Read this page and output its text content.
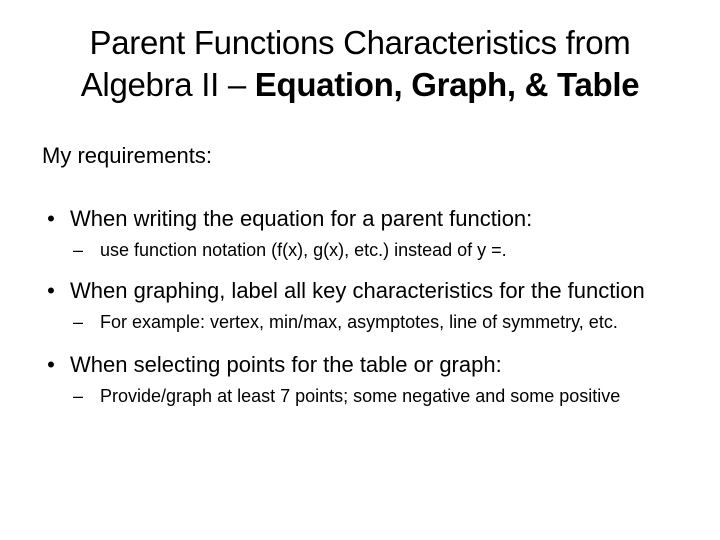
Parent Functions Characteristics from
Algebra II – Equation, Graph, & Table
My requirements:
• When writing the equation for a parent function:
– use function notation (f(x), g(x), etc.) instead of y =.
• When graphing, label all key characteristics for the function
– For example: vertex, min/max, asymptotes, line of symmetry, etc.
• When selecting points for the table or graph:
– Provide/graph at least 7 points; some negative and some positive
